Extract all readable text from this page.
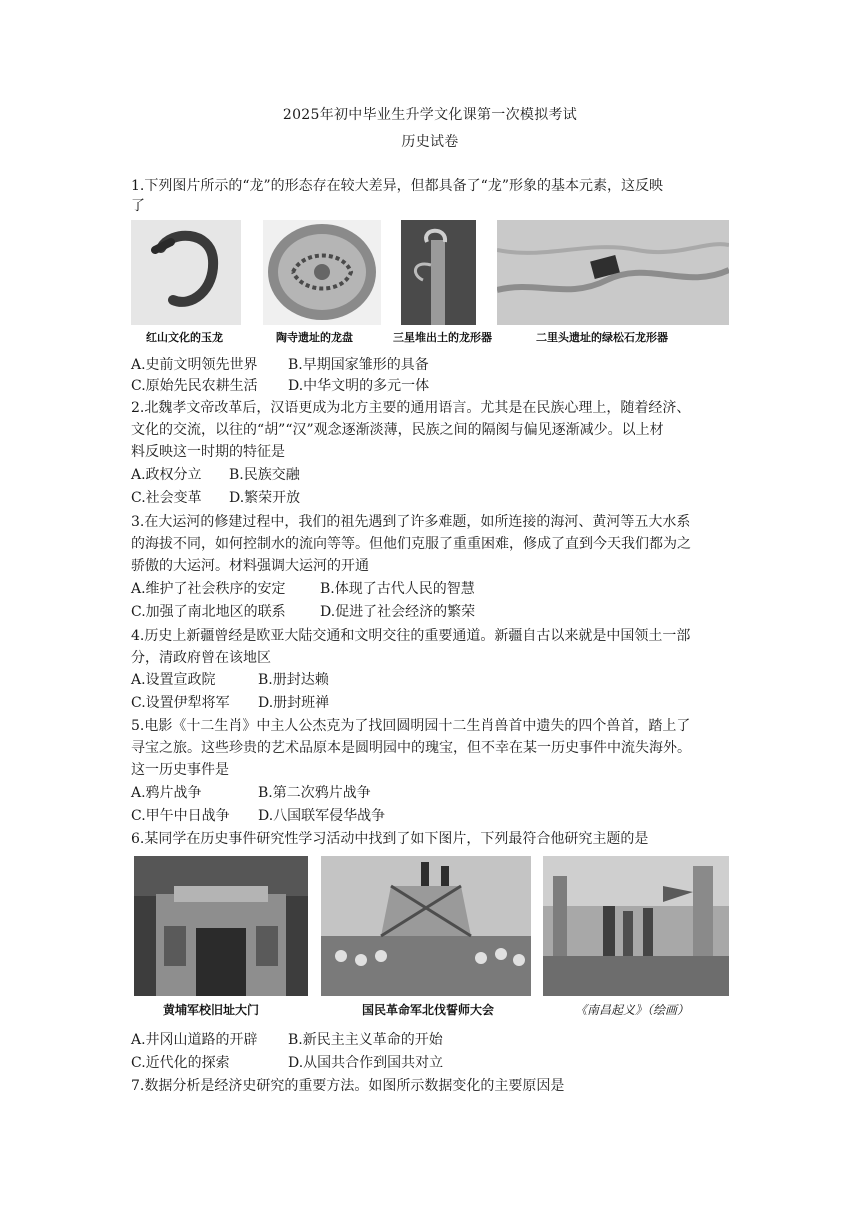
2025年初中毕业生升学文化课第一次模拟考试
历史试卷
1.下列图片所示的“龙”的形态存在较大差异，但都具备了“龙”形象的基本元素，这反映
了
红山文化的玉龙	陶寺遗址的龙盘	三星堆出土的龙形器	二里头遗址的绿松石龙形器
A.史前文明领先世界 B.早期国家雏形的具备
C.原始先民农耕生活 D.中华文明的多元一体
2.北魏孝文帝改革后，汉语更成为北方主要的通用语言。尤其是在民族心理上，随着经济、
文化的交流，以往的“胡”“汉”观念逐渐淡薄，民族之间的隔阂与偏见逐渐减少。以上材
料反映这一时期的特征是
A.政权分立 B.民族交融
C.社会变革 D.繁荣开放
3.在大运河的修建过程中，我们的祖先遇到了许多难题，如所连接的海河、黄河等五大水系
的海拔不同，如何控制水的流向等等。但他们克服了重重困难，修成了直到今天我们都为之
骄傲的大运河。材料强调大运河的开通
A.维护了社会秩序的安定 B.体现了古代人民的智慧
C.加强了南北地区的联系 D.促进了社会经济的繁荣
4.历史上新疆曾经是欧亚大陆交通和文明交往的重要通道。新疆自古以来就是中国领土一部
分，清政府曾在该地区
A.设置宣政院	B.册封达赖
C.设置伊犁将军 D.册封班禅
5.电影《十二生肖》中主人公杰克为了找回圆明园十二生肖兽首中遗失的四个兽首，踏上了
寻宝之旅。这些珍贵的艺术品原本是圆明园中的瑰宝，但不幸在某一历史事件中流失海外。
这一历史事件是
A.鸦片战争	B.第二次鸦片战争
C.甲午中日战争 D.八国联军侵华战争
6.某同学在历史事件研究性学习活动中找到了如下图片，下列最符合他研究主题的是
黄埔军校旧址大门	国民革命军北伐誓师大会	《南昌起义》（绘画）
A.井冈山道路的开辟 B.新民主主义革命的开始
C.近代化的探索	D.从国共合作到国共对立
7.数据分析是经济史研究的重要方法。如图所示数据变化的主要原因是
